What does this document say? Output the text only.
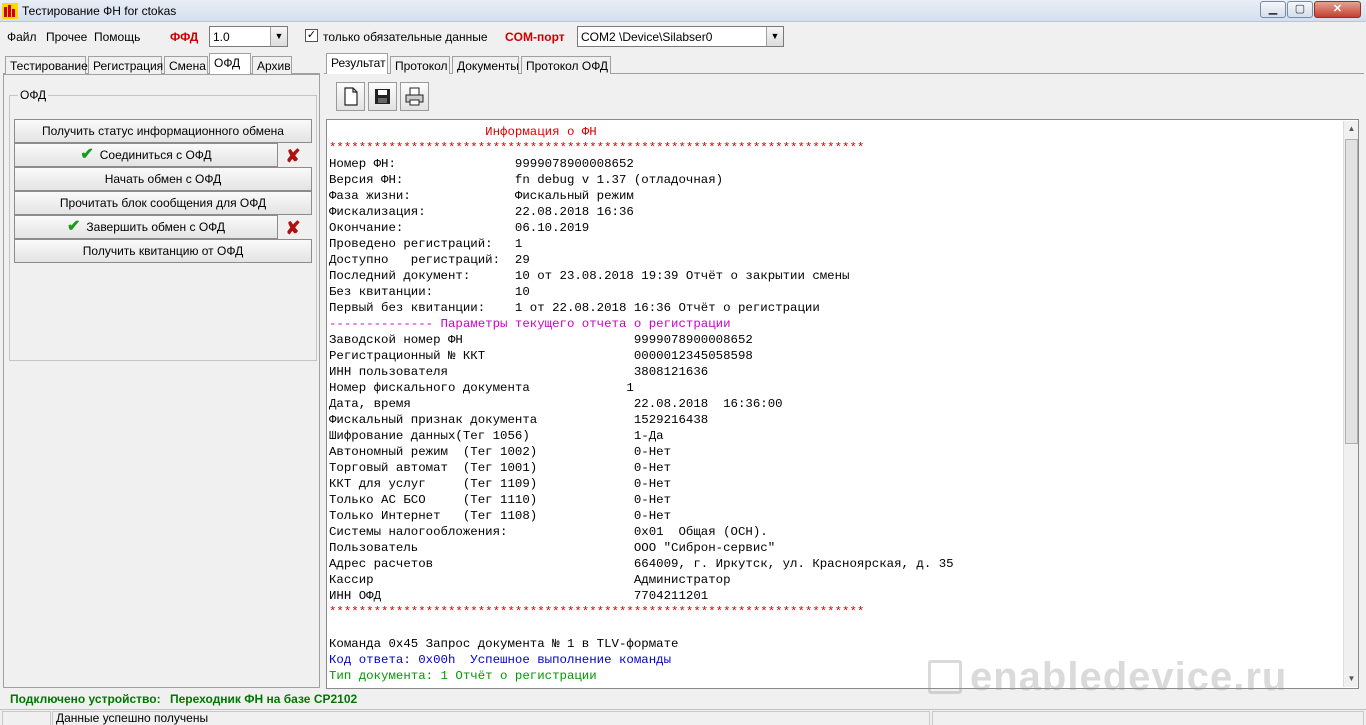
Тестирование ФН for ctokas	▁	▢	✕
Файл Прочее Помощь ФФД	1.0	▼	✓ только обязательные данные COM-порт	COM2 \Device\Silabser0	▼
Тестирование Регистрация Смена ОФД	Архив	Результат Протокол Документы Протокол ОФД
ОФД
Получить статус информационного обмена
✔ Соединиться с ОФД	✘
Начать обмен с ОФД
Прочитать блок сообщения для ОФД
✔ Завершить обмен с ОФД	✘
Получить квитанцию от ОФД
Информация о ФН
************************************************************************
Номер ФН:                9999078900008652
Версия ФН:               fn debug v 1.37 (отладочная)
Фаза жизни:              Фискальный режим
Фискализация:            22.08.2018 16:36
Окончание:               06.10.2019
Проведено регистраций:   1
Доступно   регистраций:  29
Последний документ:      10 от 23.08.2018 19:39 Отчёт о закрытии смены
Без квитанции:           10
Первый без квитанции:    1 от 22.08.2018 16:36 Отчёт о регистрации
-------------- Параметры текущего отчета о регистрации
Заводской номер ФН                       9999078900008652
Регистрационный № ККТ                    0000012345058598
ИНН пользователя                         3808121636
Номер фискального документа             1
Дата, время                              22.08.2018  16:36:00
Фискальный признак документа             1529216438
Шифрование данных(Тег 1056)              1-Да
Автономный режим  (Тег 1002)             0-Нет
Торговый автомат  (Тег 1001)             0-Нет
ККТ для услуг     (Тег 1109)             0-Нет
Только АС БСО     (Тег 1110)             0-Нет
Только Интернет   (Тег 1108)             0-Нет
Системы налогообложения:                 0x01  Общая (ОСН).
Пользователь                             ООО "Сиброн-сервис"
Адрес расчетов                           664009, г. Иркутск, ул. Красноярская, д. 35
Кассир                                   Администратор
ИНН ОФД                                  7704211201
************************************************************************

Команда 0x45 Запрос документа № 1 в TLV-формате
Код ответа: 0x00h  Успешное выполнение команды
Тип документа: 1 Отчёт о регистрации
▲
▼
enabledevice.ru
Подключено устройство: Переходник ФН на базе CP2102
Данные успешно получены
